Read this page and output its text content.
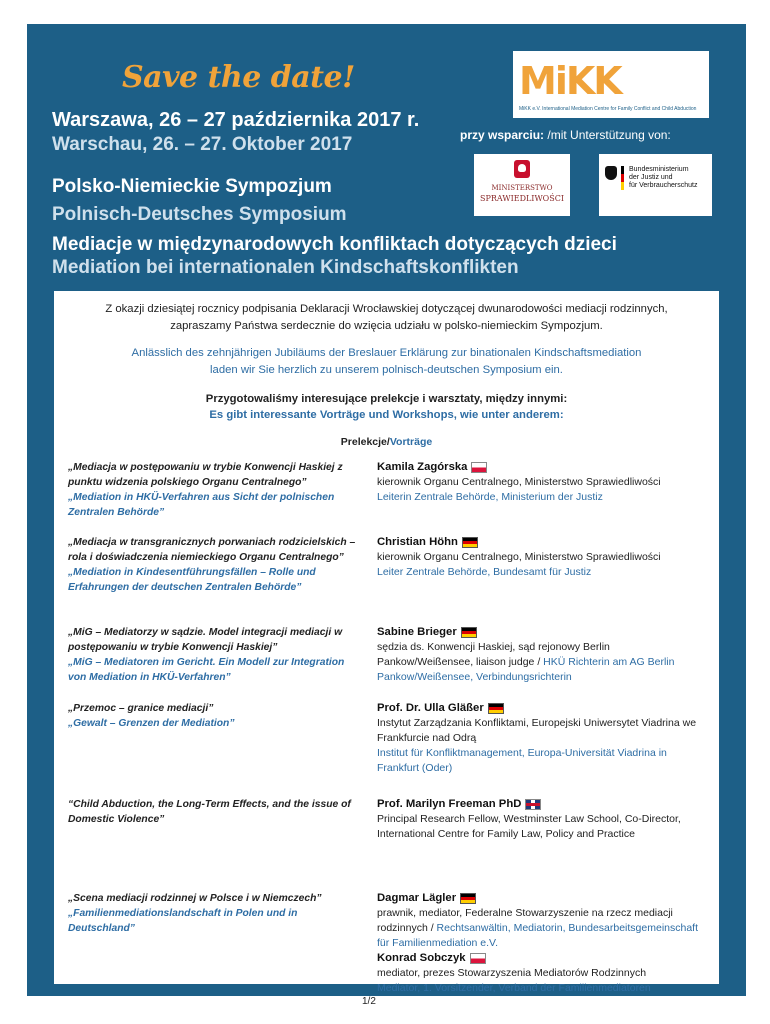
Save the date!
Warszawa, 26 – 27 października 2017 r.
Warschau, 26. – 27. Oktober 2017
Polsko-Niemieckie Sympozjum
Polnisch-Deutsches Symposium
Mediacje w międzynarodowych konfliktach dotyczących dzieci
Mediation bei internationalen Kindschaftskonflikten
MiKK
MiKK e.V. International Mediation Centre for Family Conflict and Child Abduction
przy wsparciu: /mit Unterstützung von:
MINISTERSTWO
SPRAWIEDLIWOŚCI
Bundesministerium
der Justiz und
für Verbraucherschutz
Z okazji dziesiątej rocznicy podpisania Deklaracji Wrocławskiej dotyczącej dwunarodowości mediacji rodzinnych,
zapraszamy Państwa serdecznie do wzięcia udziału w polsko-niemieckim Sympozjum.
Anlässlich des zehnjährigen Jubiläums der Breslauer Erklärung zur binationalen Kindschaftsmediation
laden wir Sie herzlich zu unserem polnisch-deutschen Symposium ein.
Przygotowaliśmy interesujące prelekcje i warsztaty, między innymi:
Es gibt interessante Vorträge und Workshops, wie unter anderem:
Prelekcje/Vorträge
„Mediacja w postępowaniu w trybie Konwencji Haskiej z punktu widzenia polskiego Organu Centralnego”
„Mediation in HKÜ-Verfahren aus Sicht der polnischen Zentralen Behörde”
Kamila Zagórska
kierownik Organu Centralnego, Ministerstwo Sprawiedliwości
Leiterin Zentrale Behörde, Ministerium der Justiz
„Mediacja w transgranicznych porwaniach rodzicielskich – rola i doświadczenia niemieckiego Organu Centralnego”
„Mediation in Kindesentführungsfällen – Rolle und Erfahrungen der deutschen Zentralen Behörde”
Christian Höhn
kierownik Organu Centralnego, Ministerstwo Sprawiedliwości
Leiter Zentrale Behörde, Bundesamt für Justiz
„MiG – Mediatorzy w sądzie. Model integracji mediacji w postępowaniu w trybie Konwencji Haskiej”
„MiG – Mediatoren im Gericht. Ein Modell zur Integration von Mediation in HKÜ-Verfahren”
Sabine Brieger
sędzia ds. Konwencji Haskiej, sąd rejonowy Berlin Pankow/Weißensee, liaison judge / HKÜ Richterin am AG Berlin Pankow/Weißensee, Verbindungsrichterin
„Przemoc – granice mediacji”
„Gewalt – Grenzen der Mediation”
Prof. Dr. Ulla Gläßer
Instytut Zarządzania Konfliktami, Europejski Uniwersytet Viadrina we Frankfurcie nad Odrą
Institut für Konfliktmanagement, Europa-Universität Viadrina in Frankfurt (Oder)
“Child Abduction, the Long-Term Effects, and the issue of Domestic Violence”
Prof. Marilyn Freeman PhD
Principal Research Fellow, Westminster Law School, Co-Director, International Centre for Family Law, Policy and Practice
„Scena mediacji rodzinnej w Polsce i w Niemczech”
„Familienmediationslandschaft in Polen und in Deutschland”
Dagmar Lägler
prawnik, mediator, Federalne Stowarzyszenie na rzecz mediacji rodzinnych / Rechtsanwältin, Mediatorin, Bundesarbeitsgemeinschaft für Familienmediation e.V.
Konrad Sobczyk
mediator, prezes Stowarzyszenia Mediatorów Rodzinnych
Mediator, 1. Vorsitzender, Verband der Familienmediatoren
1/2
